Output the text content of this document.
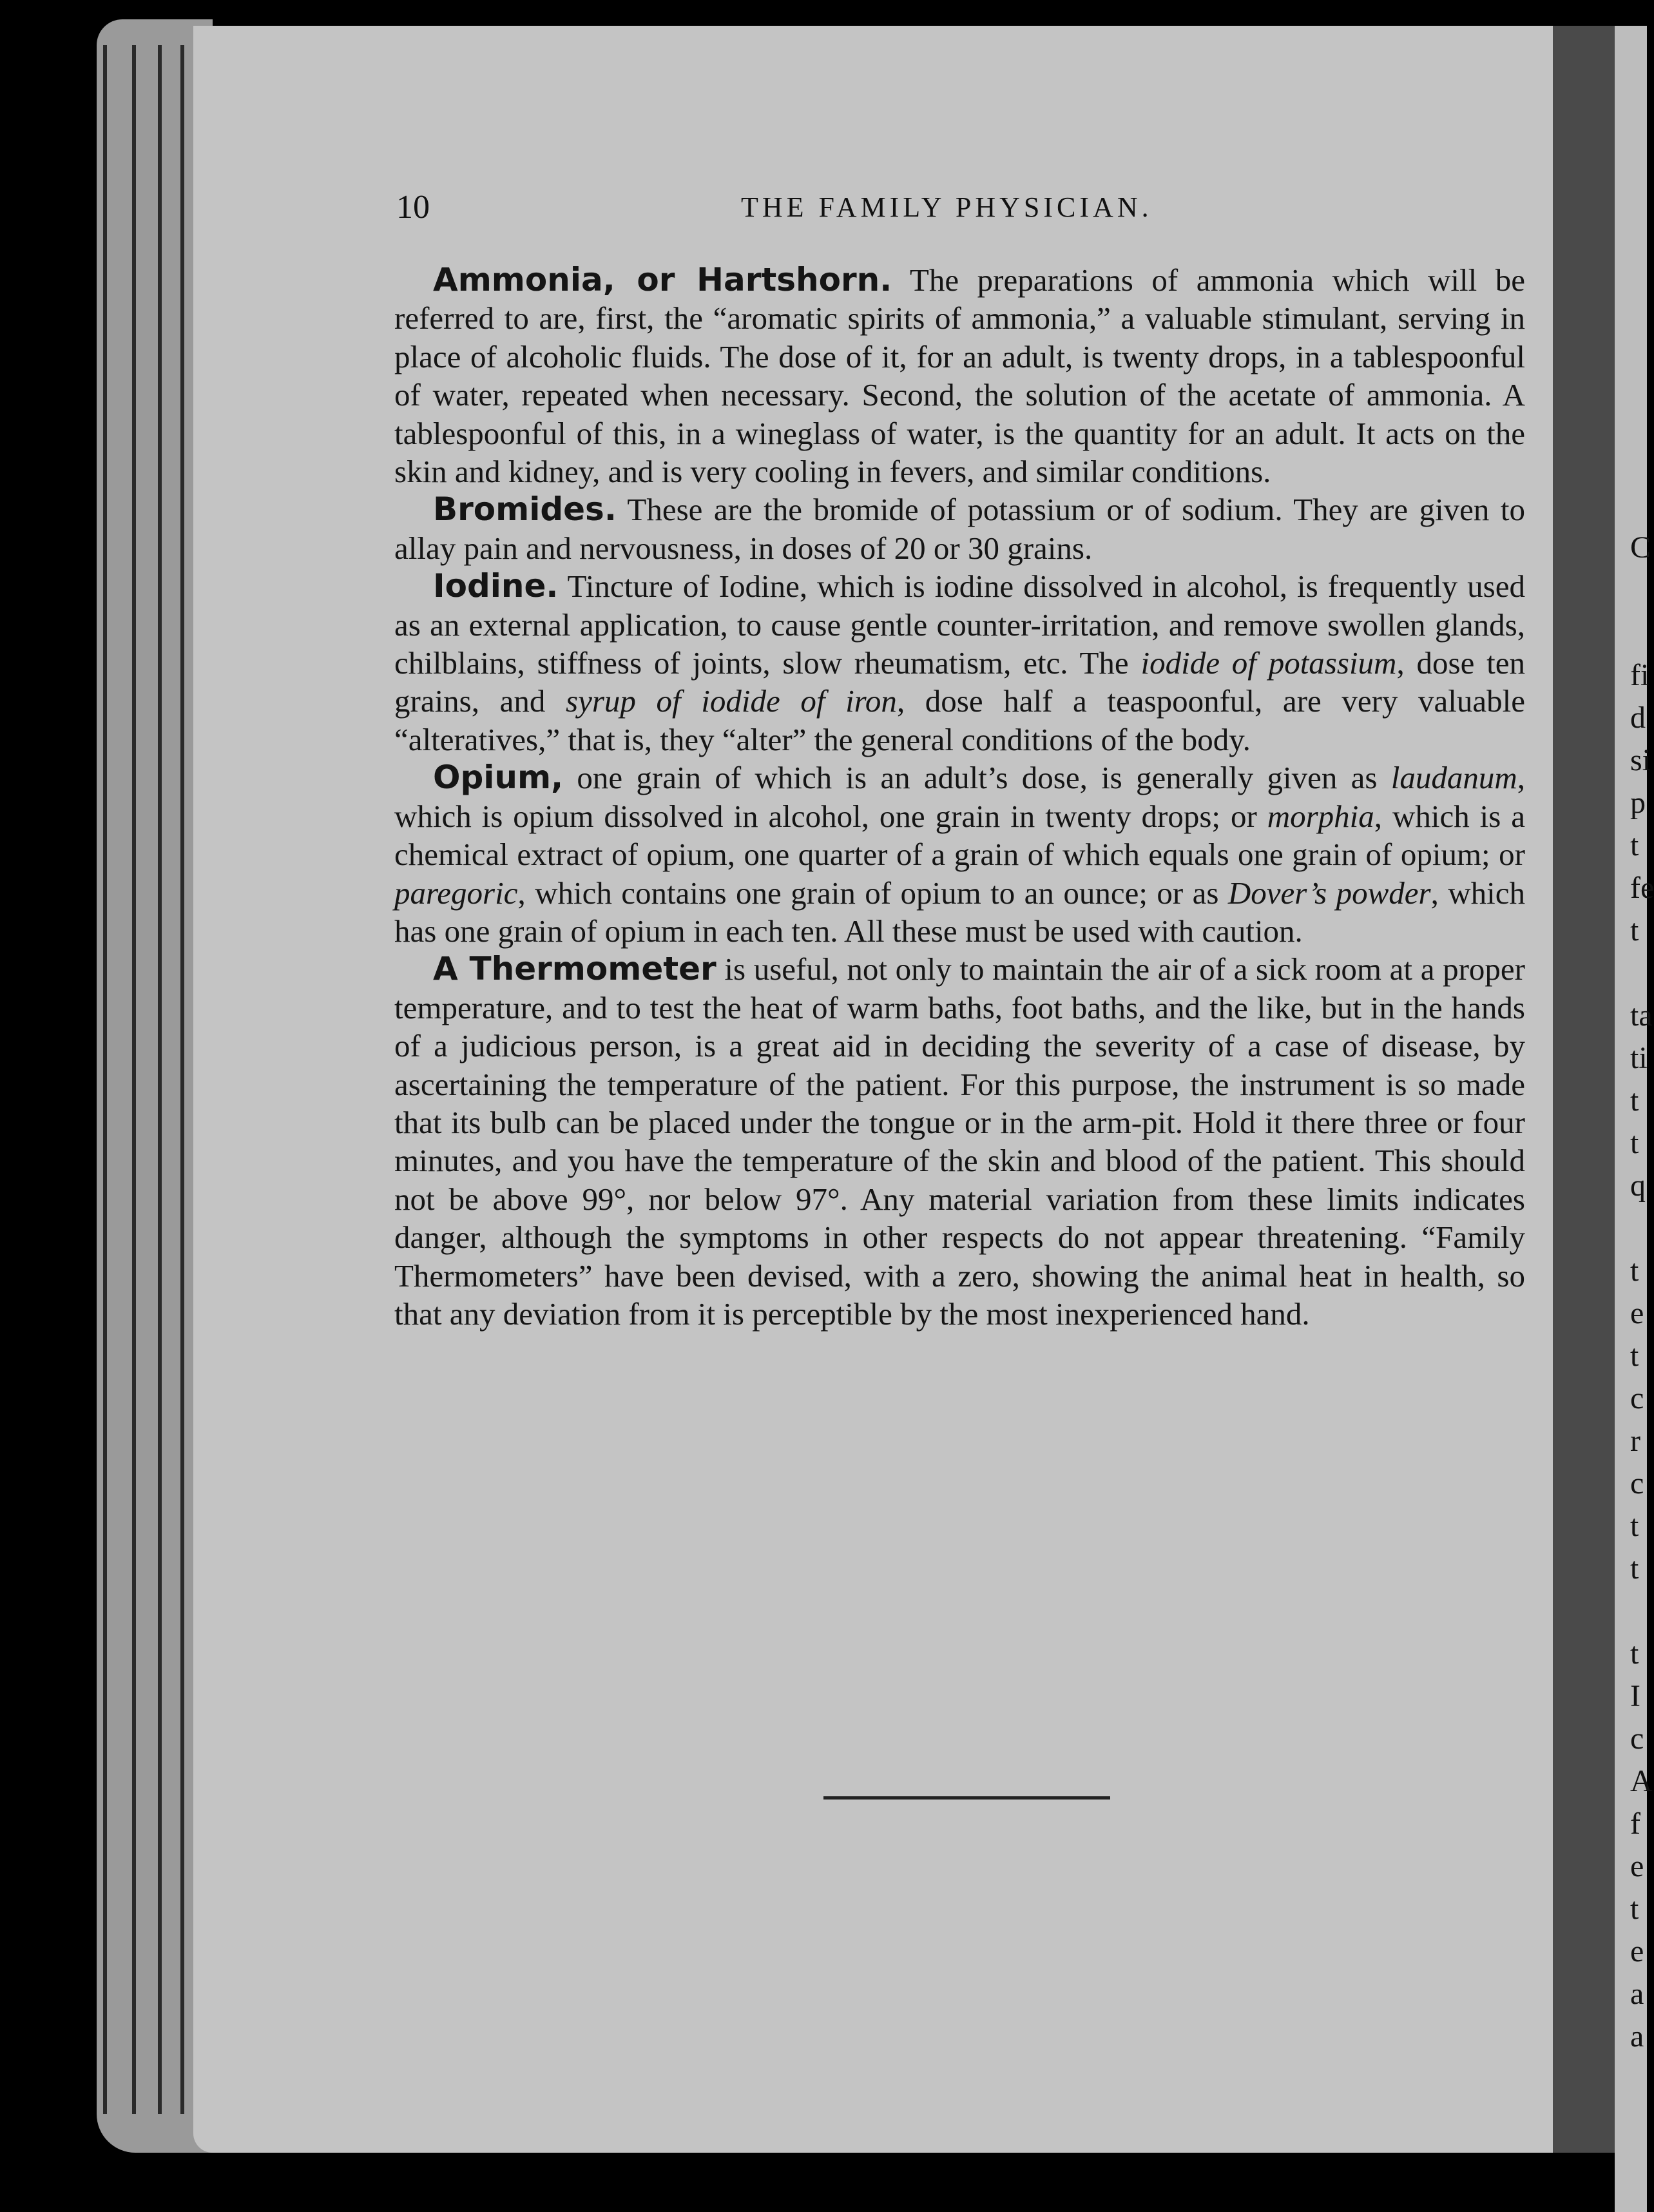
C
fi
d
si
p
t
fe
t
ta
ti
t
t
q
t
e
t
c
r
c
t
t
t
I
c
A
f
e
t
e
a
a
10	THE FAMILY PHYSICIAN.

Ammonia, or Hartshorn. The preparations of ammonia which will be referred to are, first, the “aromatic spirits of ammonia,” a valuable stimulant, serving in place of alcoholic fluids. The dose of it, for an adult, is twenty drops, in a tablespoonful of water, repeated when necessary. Second, the solution of the acetate of ammonia. A tablespoonful of this, in a wineglass of water, is the quantity for an adult. It acts on the skin and kidney, and is very cooling in fevers, and similar conditions.

Bromides. These are the bromide of potassium or of sodium. They are given to allay pain and nervousness, in doses of 20 or 30 grains.

Iodine. Tincture of Iodine, which is iodine dissolved in alcohol, is frequently used as an external application, to cause gentle counter-irritation, and remove swollen glands, chilblains, stiffness of joints, slow rheumatism, etc. The iodide of potassium, dose ten grains, and syrup of iodide of iron, dose half a teaspoonful, are very valuable “alteratives,” that is, they “alter” the general conditions of the body.

Opium, one grain of which is an adult’s dose, is generally given as laudanum, which is opium dissolved in alcohol, one grain in twenty drops; or morphia, which is a chemical extract of opium, one quarter of a grain of which equals one grain of opium; or paregoric, which contains one grain of opium to an ounce; or as Dover’s powder, which has one grain of opium in each ten. All these must be used with caution.

A Thermometer is useful, not only to maintain the air of a sick room at a proper temperature, and to test the heat of warm baths, foot baths, and the like, but in the hands of a judicious person, is a great aid in deciding the severity of a case of disease, by ascertaining the temperature of the patient. For this purpose, the instrument is so made that its bulb can be placed under the tongue or in the arm-pit. Hold it there three or four minutes, and you have the temperature of the skin and blood of the patient. This should not be above 99°, nor below 97°. Any material variation from these limits indicates danger, although the symptoms in other respects do not appear threatening. “Family Thermometers” have been devised, with a zero, showing the animal heat in health, so that any deviation from it is perceptible by the most inexperienced hand.
